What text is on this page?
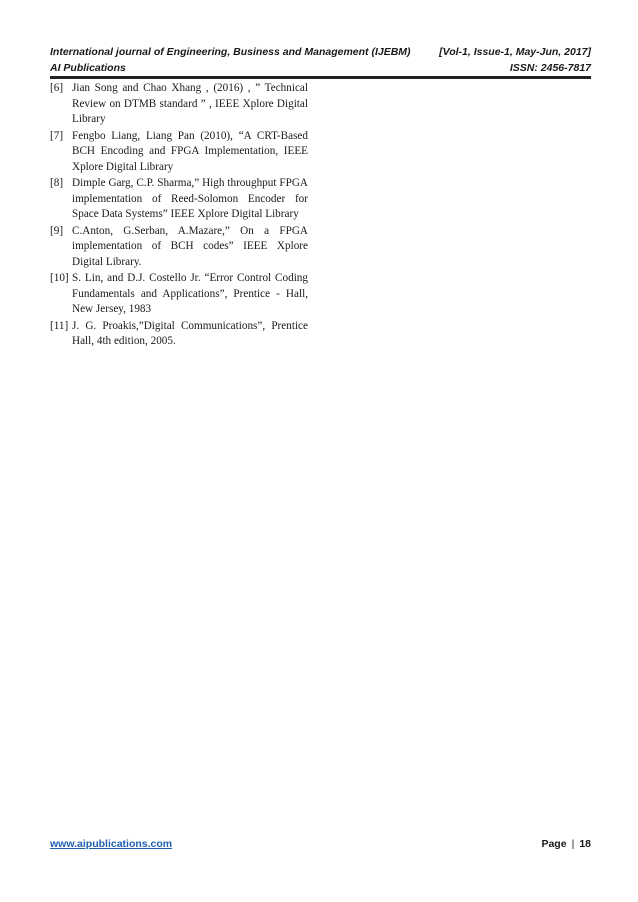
International journal of Engineering, Business and Management (IJEBM)	[Vol-1, Issue-1, May-Jun, 2017]
AI Publications	ISSN: 2456-7817
[6] Jian Song and Chao Xhang , (2016) , ” Technical Review on DTMB standard ” , IEEE Xplore Digital Library
[7] Fengbo Liang, Liang Pan (2010), “A CRT-Based BCH Encoding and FPGA Implementation, IEEE Xplore Digital Library
[8] Dimple Garg, C.P. Sharma,” High throughput FPGA implementation of Reed-Solomon Encoder for Space Data Systems” IEEE Xplore Digital Library
[9] C.Anton, G.Serban, A.Mazare,” On a FPGA implementation of BCH codes” IEEE Xplore Digital Library.
[10] S. Lin, and D.J. Costello Jr. “Error Control Coding Fundamentals and Applications”, Prentice - Hall, New Jersey, 1983
[11] J. G. Proakis,”Digital Communications”, Prentice Hall, 4th edition, 2005.
www.aipublications.com	Page | 18
